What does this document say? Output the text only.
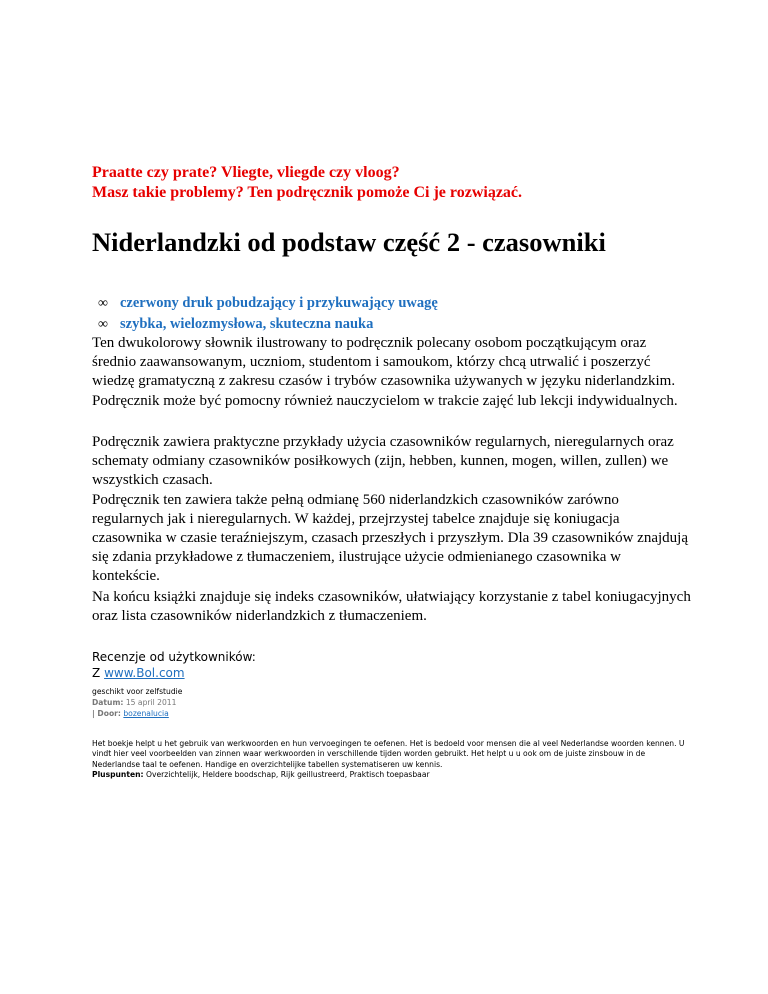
Praatte czy prate? Vliegte, vliegde czy vloog?
Masz takie problemy? Ten podręcznik pomoże Ci je rozwiązać.
Niderlandzki od podstaw część 2 - czasowniki
∞ czerwony druk pobudzający i przykuwający uwagę
∞ szybka, wielozmysłowa, skuteczna nauka

Ten dwukolorowy słownik ilustrowany to podręcznik polecany osobom początkującym oraz średnio zaawansowanym, uczniom, studentom i samoukom, którzy chcą utrwalić i poszerzyć wiedzę gramatyczną z zakresu czasów i trybów czasownika używanych w języku niderlandzkim. Podręcznik może być pomocny również nauczycielom w trakcie zajęć lub lekcji indywidualnych.

Podręcznik zawiera praktyczne przykłady użycia czasowników regularnych, nieregularnych oraz schematy odmiany czasowników posiłkowych (zijn, hebben, kunnen, mogen, willen, zullen) we wszystkich czasach.
Podręcznik ten zawiera także pełną odmianę 560 niderlandzkich czasowników zarówno regularnych jak i nieregularnych. W każdej, przejrzystej tabelce znajduje się koniugacja czasownika w czasie teraźniejszym, czasach przeszłych i przyszłym. Dla 39 czasowników znajdują się zdania przykładowe z tłumaczeniem, ilustrujące użycie odmienianego czasownika w kontekście.

Na końcu książki znajduje się indeks czasowników, ułatwiający korzystanie z tabel koniugacyjnych oraz lista czasowników niderlandzkich z tłumaczeniem.

Recenzje od użytkowników:
Z www.Bol.com
geschikt voor zelfstudie
Datum: 15 april 2011
| Door: bozenalucia
Het boekje helpt u het gebruik van werkwoorden en hun vervoegingen te oefenen. Het is bedoeld voor mensen die al veel Nederlandse woorden kennen. U vindt hier veel voorbeelden van zinnen waar werkwoorden in verschillende tijden worden gebruikt. Het helpt u u ook om de juiste zinsbouw in de Nederlandse taal te oefenen. Handige en overzichtelijke tabellen systematiseren uw kennis.
Pluspunten: Overzichtelijk, Heldere boodschap, Rijk geillustreerd, Praktisch toepasbaar
